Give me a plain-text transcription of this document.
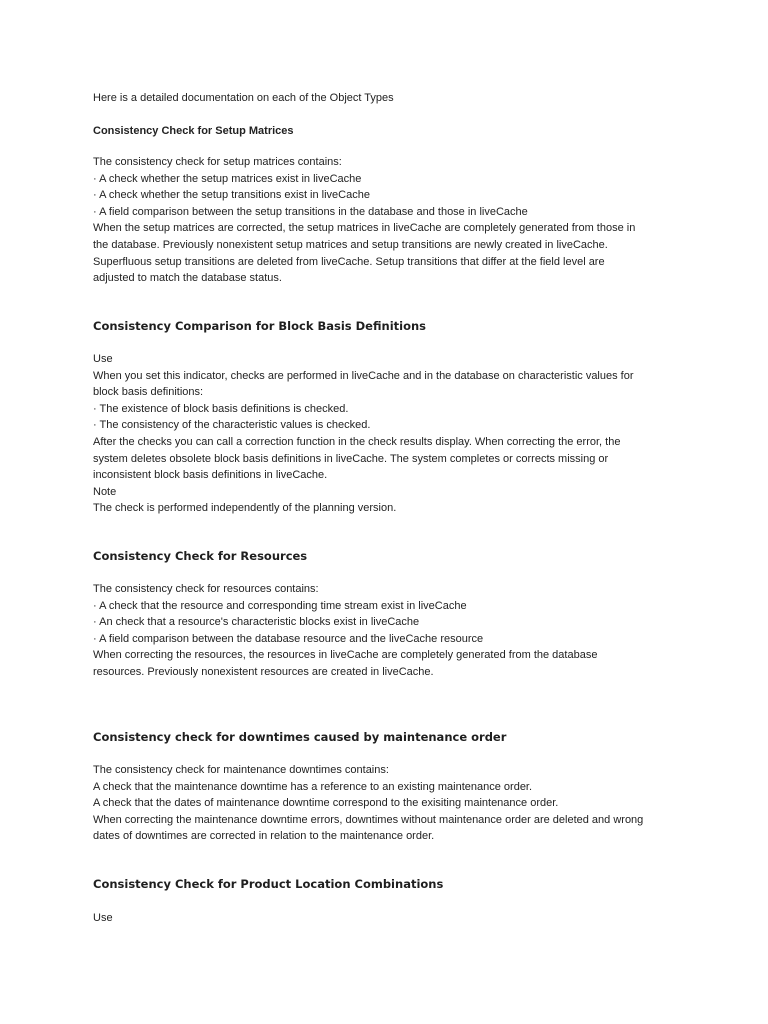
Here is a detailed documentation on each of the Object Types

Consistency Check for Setup Matrices

The consistency check for setup matrices contains:
· A check whether the setup matrices exist in liveCache
· A check whether the setup transitions exist in liveCache
· A field comparison between the setup transitions in the database and those in liveCache
When the setup matrices are corrected, the setup matrices in liveCache are completely generated from those in
the database. Previously nonexistent setup matrices and setup transitions are newly created in liveCache.
Superfluous setup transitions are deleted from liveCache. Setup transitions that differ at the field level are
adjusted to match the database status.

Consistency Comparison for Block Basis Definitions

Use
When you set this indicator, checks are performed in liveCache and in the database on characteristic values for
block basis definitions:
· The existence of block basis definitions is checked.
· The consistency of the characteristic values is checked.
After the checks you can call a correction function in the check results display. When correcting the error, the
system deletes obsolete block basis definitions in liveCache. The system completes or corrects missing or
inconsistent block basis definitions in liveCache.
Note
The check is performed independently of the planning version.

Consistency Check for Resources

The consistency check for resources contains:
· A check that the resource and corresponding time stream exist in liveCache
· An check that a resource's characteristic blocks exist in liveCache
· A field comparison between the database resource and the liveCache resource
When correcting the resources, the resources in liveCache are completely generated from the database
resources. Previously nonexistent resources are created in liveCache.

Consistency check for downtimes caused by maintenance order

The consistency check for maintenance downtimes contains:
A check that the maintenance downtime has a reference to an existing maintenance order.
A check that the dates of maintenance downtime correspond to the exisiting maintenance order.
When correcting the maintenance downtime errors, downtimes without maintenance order are deleted and wrong
dates of downtimes are corrected in relation to the maintenance order.

Consistency Check for Product Location Combinations

Use
